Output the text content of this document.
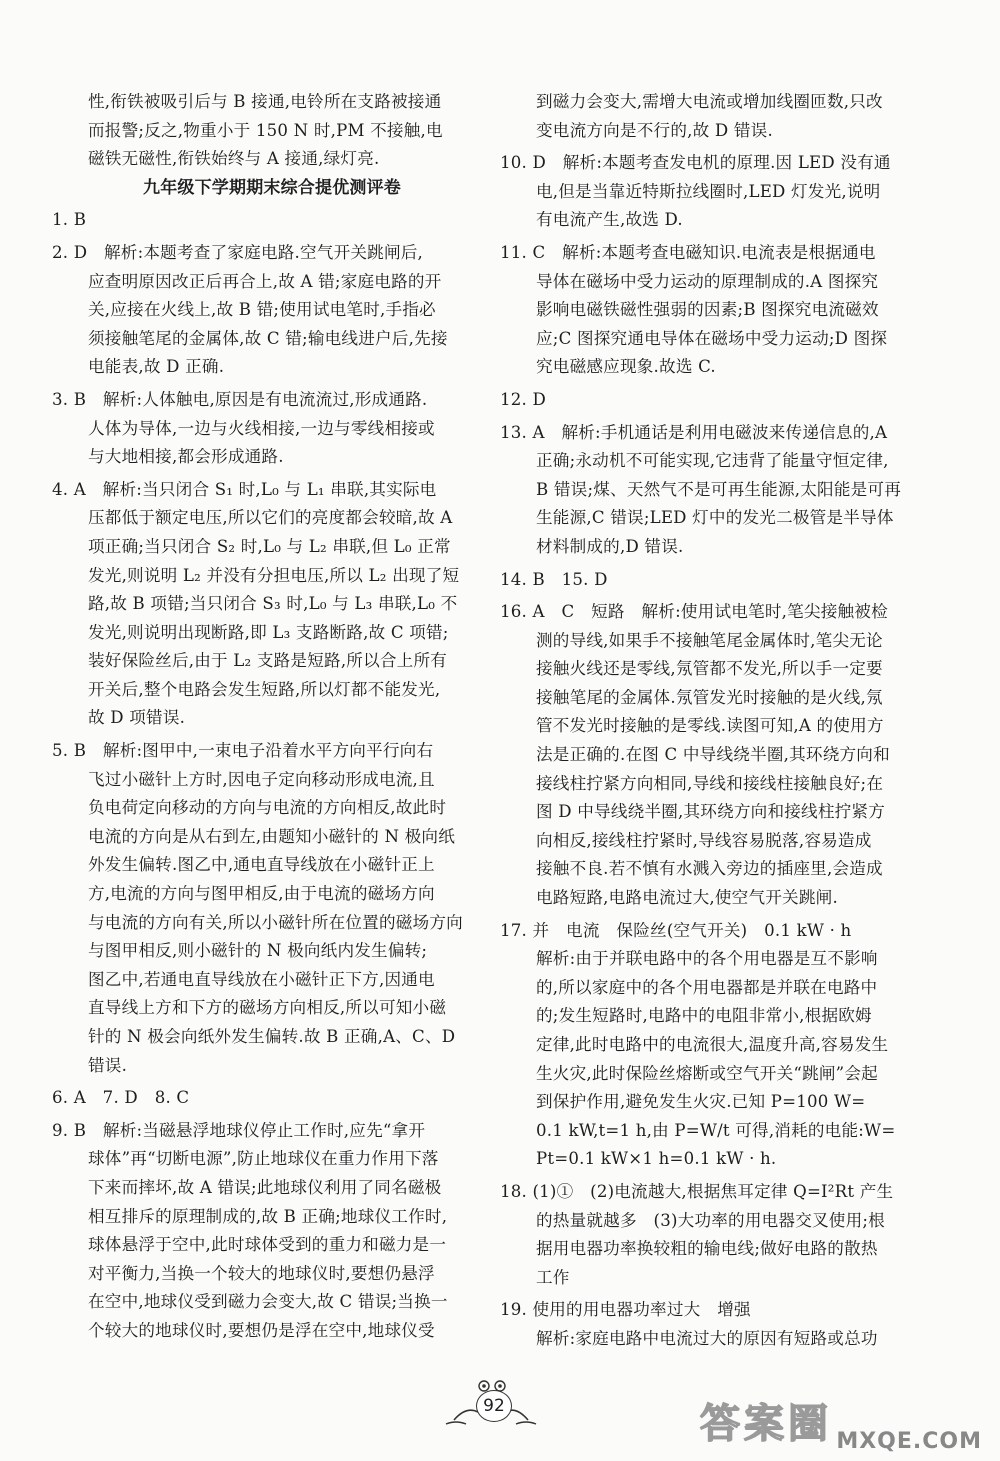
性,衔铁被吸引后与 B 接通,电铃所在支路被接通
而报警;反之,物重小于 150 N 时,PM 不接触,电
磁铁无磁性,衔铁始终与 A 接通,绿灯亮.
九年级下学期期末综合提优测评卷
1. B
2. D　解析:本题考查了家庭电路.空气开关跳闸后,
应查明原因改正后再合上,故 A 错;家庭电路的开
关,应接在火线上,故 B 错;使用试电笔时,手指必
须接触笔尾的金属体,故 C 错;输电线进户后,先接
电能表,故 D 正确.
3. B　解析:人体触电,原因是有电流流过,形成通路.
人体为导体,一边与火线相接,一边与零线相接或
与大地相接,都会形成通路.
4. A　解析:当只闭合 S₁ 时,L₀ 与 L₁ 串联,其实际电
压都低于额定电压,所以它们的亮度都会较暗,故 A
项正确;当只闭合 S₂ 时,L₀ 与 L₂ 串联,但 L₀ 正常
发光,则说明 L₂ 并没有分担电压,所以 L₂ 出现了短
路,故 B 项错;当只闭合 S₃ 时,L₀ 与 L₃ 串联,L₀ 不
发光,则说明出现断路,即 L₃ 支路断路,故 C 项错;
装好保险丝后,由于 L₂ 支路是短路,所以合上所有
开关后,整个电路会发生短路,所以灯都不能发光,
故 D 项错误.
5. B　解析:图甲中,一束电子沿着水平方向平行向右
飞过小磁针上方时,因电子定向移动形成电流,且
负电荷定向移动的方向与电流的方向相反,故此时
电流的方向是从右到左,由题知小磁针的 N 极向纸
外发生偏转.图乙中,通电直导线放在小磁针正上
方,电流的方向与图甲相反,由于电流的磁场方向
与电流的方向有关,所以小磁针所在位置的磁场方向
与图甲相反,则小磁针的 N 极向纸内发生偏转;
图乙中,若通电直导线放在小磁针正下方,因通电
直导线上方和下方的磁场方向相反,所以可知小磁
针的 N 极会向纸外发生偏转.故 B 正确,A、C、D
错误.
6. A　7. D　8. C
9. B　解析:当磁悬浮地球仪停止工作时,应先“拿开
球体”再“切断电源”,防止地球仪在重力作用下落
下来而摔坏,故 A 错误;此地球仪利用了同名磁极
相互排斥的原理制成的,故 B 正确;地球仪工作时,
球体悬浮于空中,此时球体受到的重力和磁力是一
对平衡力,当换一个较大的地球仪时,要想仍悬浮
在空中,地球仪受到磁力会变大,故 C 错误;当换一
个较大的地球仪时,要想仍是浮在空中,地球仪受
到磁力会变大,需增大电流或增加线圈匝数,只改
变电流方向是不行的,故 D 错误.
10. D　解析:本题考查发电机的原理.因 LED 没有通
电,但是当靠近特斯拉线圈时,LED 灯发光,说明
有电流产生,故选 D.
11. C　解析:本题考查电磁知识.电流表是根据通电
导体在磁场中受力运动的原理制成的.A 图探究
影响电磁铁磁性强弱的因素;B 图探究电流磁效
应;C 图探究通电导体在磁场中受力运动;D 图探
究电磁感应现象.故选 C.
12. D
13. A　解析:手机通话是利用电磁波来传递信息的,A
正确;永动机不可能实现,它违背了能量守恒定律,
B 错误;煤、天然气不是可再生能源,太阳能是可再
生能源,C 错误;LED 灯中的发光二极管是半导体
材料制成的,D 错误.
14. B　15. D
16. A　C　短路　解析:使用试电笔时,笔尖接触被检
测的导线,如果手不接触笔尾金属体时,笔尖无论
接触火线还是零线,氖管都不发光,所以手一定要
接触笔尾的金属体.氖管发光时接触的是火线,氖
管不发光时接触的是零线.读图可知,A 的使用方
法是正确的.在图 C 中导线绕半圈,其环绕方向和
接线柱拧紧方向相同,导线和接线柱接触良好;在
图 D 中导线绕半圈,其环绕方向和接线柱拧紧方
向相反,接线柱拧紧时,导线容易脱落,容易造成
接触不良.若不慎有水溅入旁边的插座里,会造成
电路短路,电路电流过大,使空气开关跳闸.
17. 并　电流　保险丝(空气开关)　0.1 kW · h
解析:由于并联电路中的各个用电器是互不影响
的,所以家庭中的各个用电器都是并联在电路中
的;发生短路时,电路中的电阻非常小,根据欧姆
定律,此时电路中的电流很大,温度升高,容易发生
生火灾,此时保险丝熔断或空气开关“跳闸”会起
到保护作用,避免发生火灾.已知 P=100 W=
0.1 kW,t=1 h,由 P=W/t 可得,消耗的电能:W=
Pt=0.1 kW×1 h=0.1 kW · h.
18. (1)①　(2)电流越大,根据焦耳定律 Q=I²Rt 产生
的热量就越多　(3)大功率的用电器交叉使用;根
据用电器功率换较粗的输电线;做好电路的散热
工作
19. 使用的用电器功率过大　增强
解析:家庭电路中电流过大的原因有短路或总功
92	答案圈 MXQE.COM
